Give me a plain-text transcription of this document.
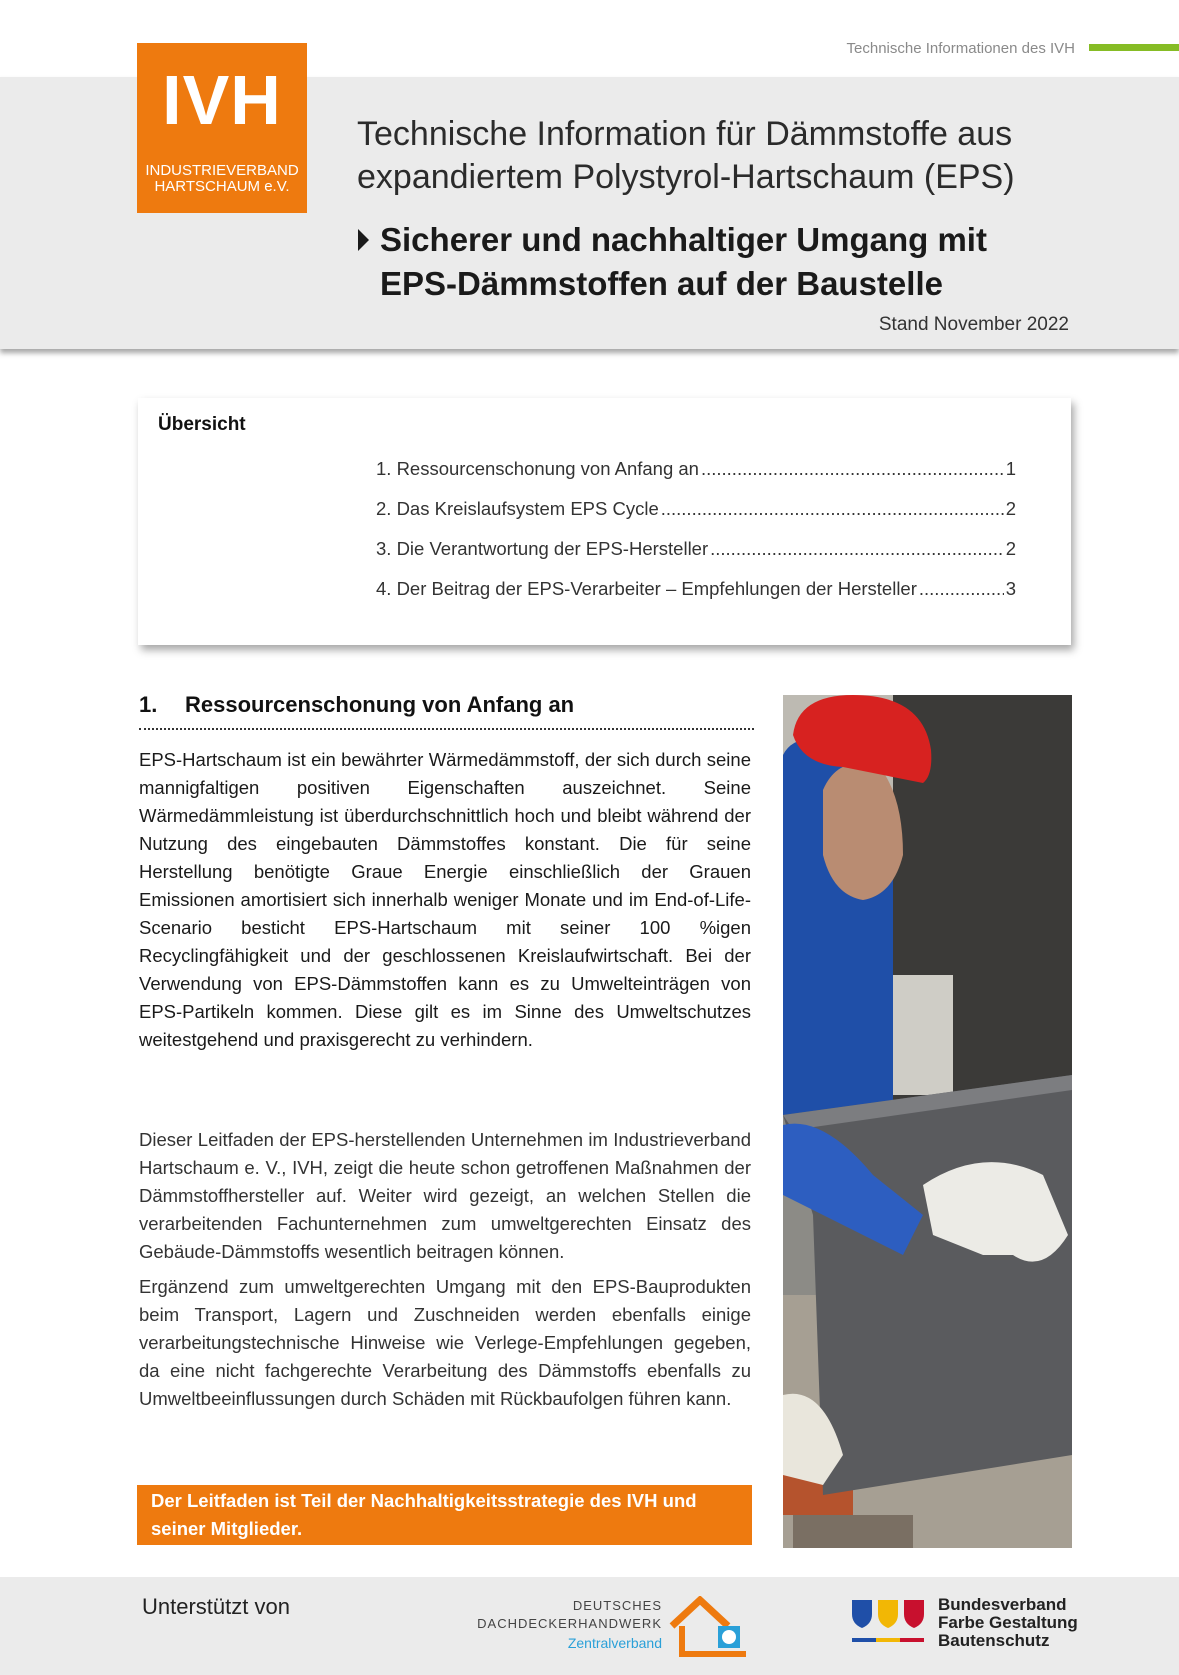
Technische Informationen des IVH
IVH
INDUSTRIEVERBAND
HARTSCHAUM e.V.
Technische Information für Dämmstoffe aus
expandiertem Polystyrol-Hartschaum (EPS)
Sicherer und nachhaltiger Umgang mit
EPS-Dämmstoffen auf der Baustelle
Stand November 2022
Übersicht
1. Ressourcenschonung von Anfang an .....	1
2. Das Kreislaufsystem EPS Cycle .....	2
3. Die Verantwortung der EPS-Hersteller .....	2
4. Der Beitrag der EPS-Verarbeiter – Empfehlungen der Hersteller .....	3
1. Ressourcenschonung von Anfang an
EPS-Hartschaum ist ein bewährter Wärmedämmstoff, der sich durch seine mannigfaltigen positiven Eigenschaften auszeichnet. Seine Wärmedämmleistung ist überdurchschnittlich hoch und bleibt während der Nutzung des eingebauten Dämmstoffes konstant. Die für seine Herstellung benötigte Graue Energie einschließlich der Grauen Emissionen amortisiert sich innerhalb weniger Monate und im End-of-Life-Scenario besticht EPS-Hartschaum mit seiner 100 %igen Recyclingfähigkeit und der geschlossenen Kreislaufwirtschaft. Bei der Verwendung von EPS-Dämmstoffen kann es zu Umwelteinträgen von EPS-Partikeln kommen. Diese gilt es im Sinne des Umweltschutzes weitestgehend und praxisgerecht zu verhindern.
Dieser Leitfaden der EPS-herstellenden Unternehmen im Industrieverband Hartschaum e. V., IVH, zeigt die heute schon getroffenen Maßnahmen der Dämmstoffhersteller auf. Weiter wird gezeigt, an welchen Stellen die verarbeitenden Fachunternehmen zum umweltgerechten Einsatz des Gebäude-Dämmstoffs wesentlich beitragen können.
Ergänzend zum umweltgerechten Umgang mit den EPS-Bauprodukten beim Transport, Lagern und Zuschneiden werden ebenfalls einige verarbeitungstechnische Hinweise wie Verlege-Empfehlungen gegeben, da eine nicht fachgerechte Verarbeitung des Dämmstoffs ebenfalls zu Umweltbeeinflussungen durch Schäden mit Rückbaufolgen führen kann.
Der Leitfaden ist Teil der Nachhaltigkeitsstrategie des IVH und seiner Mitglieder.
Unterstützt von	DEUTSCHES
DACHDECKERHANDWERK
Zentralverband
Bundesverband
Farbe Gestaltung
Bautenschutz
